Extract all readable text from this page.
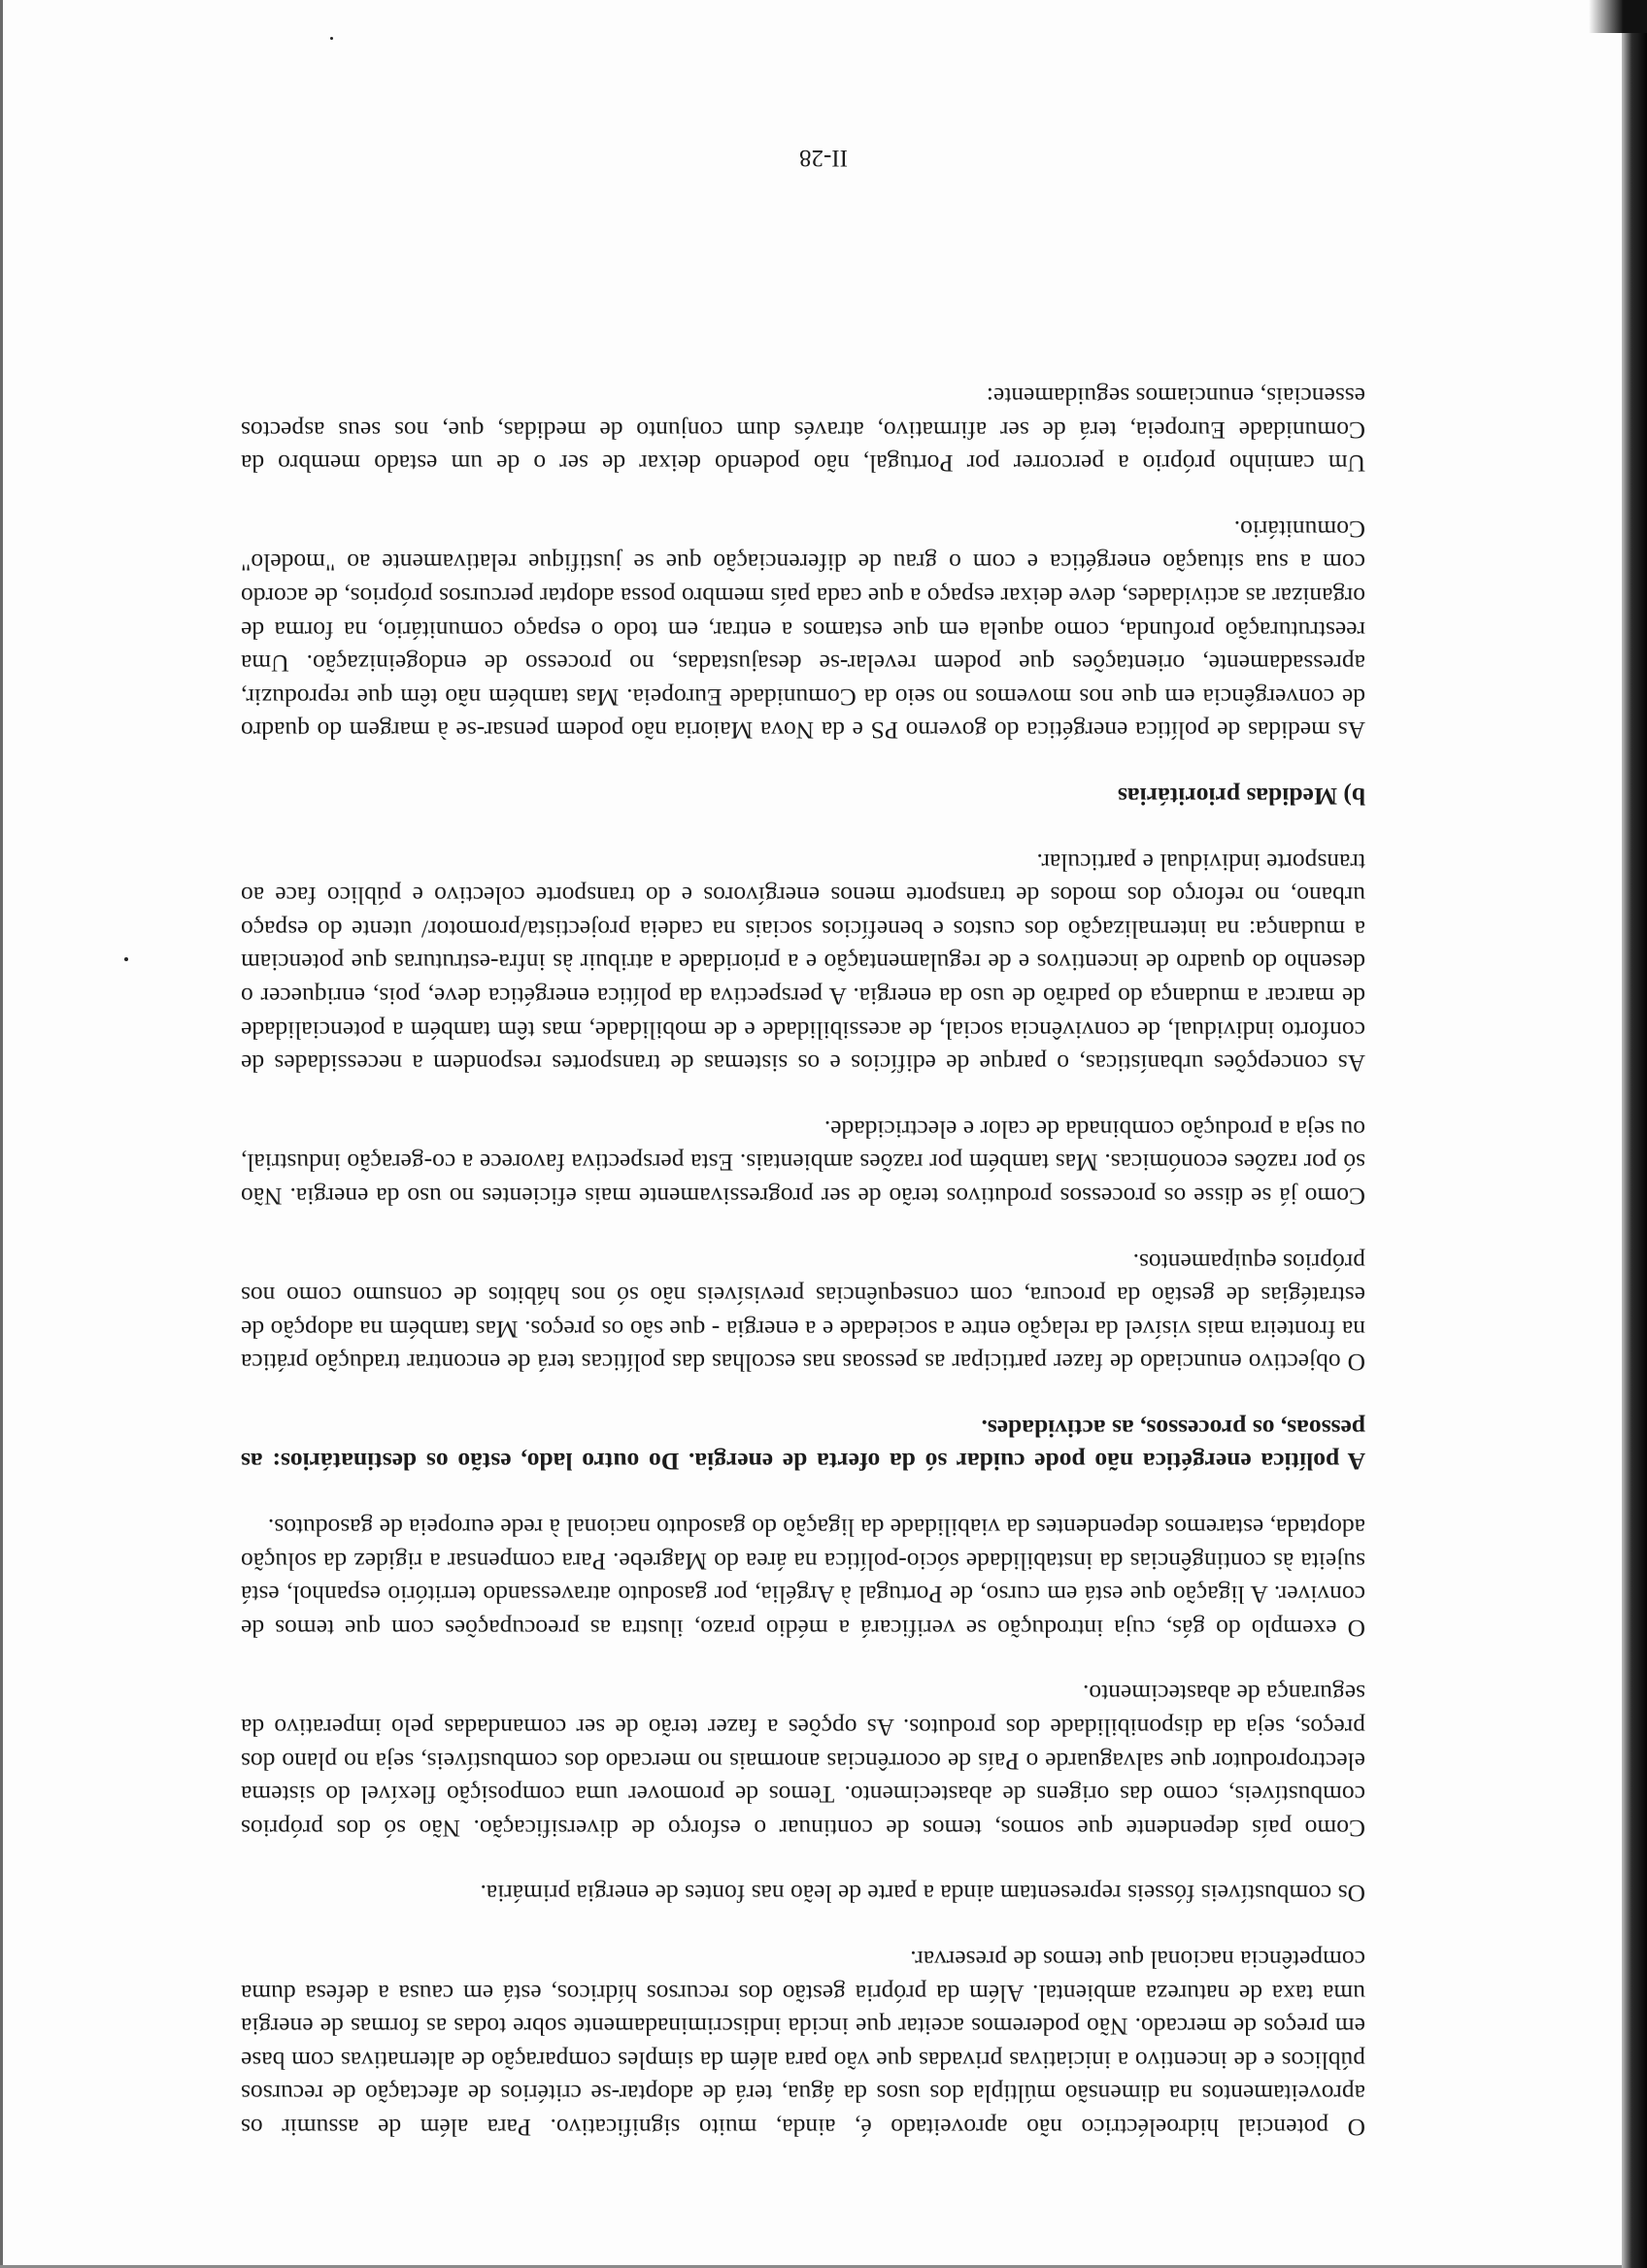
O potencial hidroeléctrico não aproveitado é, ainda, muito significativo. Para além de assumir os aproveitamentos na dimensão múltipla dos usos da água, terá de adoptar-se critérios de afectação de recursos públicos e de incentivo a iniciativas privadas que vão para além da simples comparação de alternativas com base em preços de mercado. Não poderemos aceitar que incida indiscriminadamente sobre todas as formas de energia uma taxa de natureza ambiental. Além da própria gestão dos recursos hídricos, está em causa a defesa duma competência nacional que temos de preservar.

Os combustíveis fósseis representam ainda a parte de leão nas fontes de energia primária.

Como país dependente que somos, temos de continuar o esforço de diversificação. Não só dos próprios combustíveis, como das origens de abastecimento. Temos de promover uma composição flexível do sistema electroprodutor que salvaguarde o País de ocorrências anormais no mercado dos combustíveis, seja no plano dos preços, seja da disponibilidade dos produtos. As opções a fazer terão de ser comandadas pelo imperativo da segurança de abastecimento.

O exemplo do gás, cuja introdução se verificará a médio prazo, ilustra as preocupações com que temos de conviver. A ligação que está em curso, de Portugal à Argélia, por gasoduto atravessando território espanhol, está sujeita às contingências da instabilidade sócio-política na área do Magrebe. Para compensar a rigidez da solução adoptada, estaremos dependentes da viabilidade da ligação do gasoduto nacional à rede europeia de gasodutos.

A política energética não pode cuidar só da oferta de energia. Do outro lado, estão os destinatários: as pessoas, os processos, as actividades.

O objectivo enunciado de fazer participar as pessoas nas escolhas das políticas terá de encontrar tradução prática na fronteira mais visível da relação entre a sociedade e a energia - que são os preços. Mas também na adopção de estratégias de gestão da procura, com consequências previsíveis não só nos hábitos de consumo como nos próprios equipamentos.

Como já se disse os processos produtivos terão de ser progressivamente mais eficientes no uso da energia. Não só por razões económicas. Mas também por razões ambientais. Esta perspectiva favorece a co-geração industrial, ou seja a produção combinada de calor e electricidade.

As concepções urbanísticas, o parque de edifícios e os sistemas de transportes respondem a necessidades de conforto individual, de convivência social, de acessibilidade e de mobilidade, mas têm também a potencialidade de marcar a mudança do padrão de uso da energia. A perspectiva da política energética deve, pois, enriquecer o desenho do quadro de incentivos e de regulamentação e a prioridade a atribuir às infra-estruturas que potenciam a mudança: na internalização dos custos e benefícios sociais na cadeia projectista/promotor/ utente do espaço urbano, no reforço dos modos de transporte menos energívoros e do transporte colectivo e público face ao transporte individual e particular.

b) Medidas prioritárias

As medidas de política energética do governo PS e da Nova Maioria não podem pensar-se à margem do quadro de convergência em que nos movemos no seio da Comunidade Europeia. Mas também não têm que reproduzir, apressadamente, orientações que podem revelar-se desajustadas, no processo de endogeinização. Uma reestruturação profunda, como aquela em que estamos a entrar, em todo o espaço comunitário, na forma de organizar as actividades, deve deixar espaço a que cada país membro possa adoptar percursos próprios, de acordo com a sua situação energética e com o grau de diferenciação que se justifique relativamente ao "modelo" Comunitário.

Um caminho próprio a percorrer por Portugal, não podendo deixar de ser o de um estado membro da Comunidade Europeia, terá de ser afirmativo, através dum conjunto de medidas, que, nos seus aspectos essenciais, enunciamos seguidamente:

II-28
